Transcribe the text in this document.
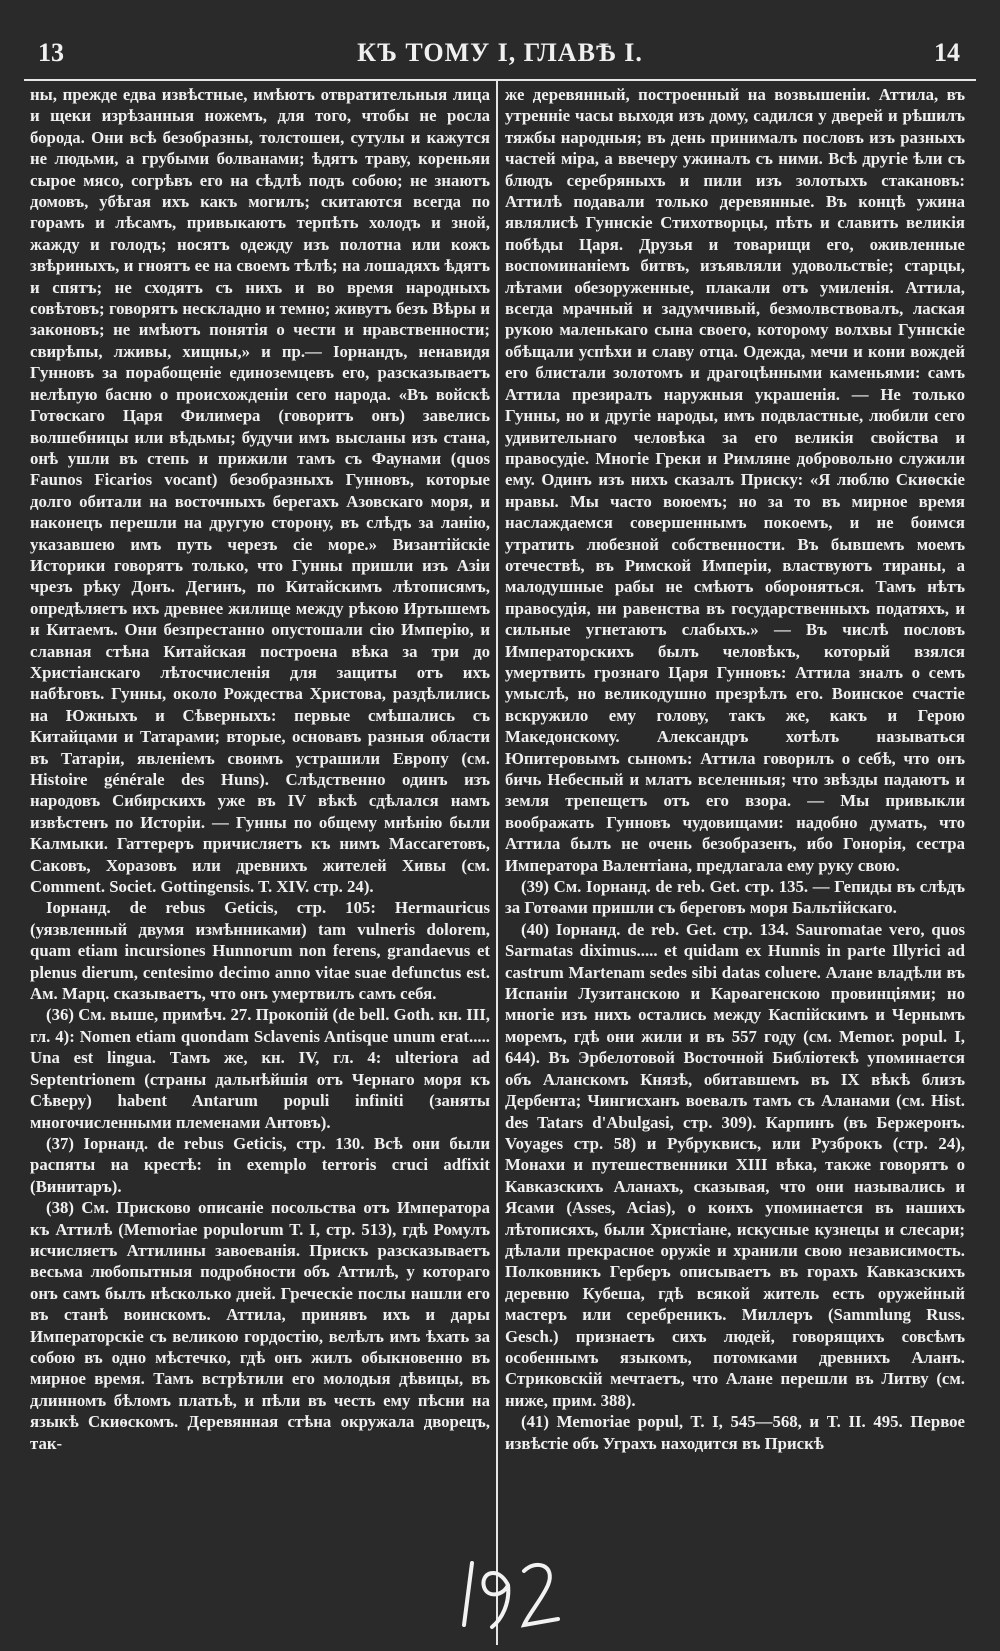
13	КЪ ТОМУ I, ГЛАВѢ I.	14

ны, прежде едва извѣстные, имѣютъ отвратительныя лица и щеки изрѣзанныя ножемъ, для того, чтобы не росла борода. Они всѣ безобразны, толстошеи, сутулы и кажутся не людьми, а грубыми болванами; ѣдятъ траву, кореньяи сырое мясо, согрѣвъ его на сѣдлѣ подъ собою; не знаютъ домовъ, убѣгая ихъ какъ могилъ; скитаются всегда по горамъ и лѣсамъ, привыкаютъ терпѣть холодъ и зной, жажду и голодъ; носятъ одежду изъ полотна или кожъ звѣриныхъ, и гноятъ ее на своемъ тѣлѣ; на лошадяхъ ѣдятъ и спятъ; не сходятъ съ нихъ и во время народныхъ совѣтовъ; говорятъ нескладно и темно; живутъ безъ Вѣры и законовъ; не имѣютъ понятія о чести и нравственности; свирѣпы, лживы, хищны,» и пр.— Іорнандъ, ненавидя Гунновъ за порабощеніе единоземцевъ его, разсказываетъ нелѣпую басню о происхожденіи сего народа. «Въ войскѣ Готѳскаго Царя Филимера (говоритъ онъ) завелись волшебницы или вѣдьмы; будучи имъ высланы изъ стана, онѣ ушли въ степь и прижили тамъ съ Фаунами (quos Faunos Ficarios vocant) безобразныхъ Гунновъ, которые долго обитали на восточныхъ берегахъ Азовскаго моря, и наконецъ перешли на другую сторону, въ слѣдъ за ланію, указавшею имъ путь черезъ сіе море.» Византійскіе Историки говорятъ только, что Гунны пришли изъ Азіи чрезъ рѣку Донъ. Дегинъ, по Китайскимъ лѣтописямъ, опредѣляетъ ихъ древнее жилище между рѣкою Иртышемъ и Китаемъ. Они безпрестанно опустошали сію Имперію, и славная стѣна Китайская построена вѣка за три до Христіанскаго лѣтосчисленія для защиты отъ ихъ набѣговъ. Гунны, около Рождества Христова, раздѣлились на Южныхъ и Сѣверныхъ: первые смѣшались съ Китайцами и Татарами; вторые, основавъ разныя области въ Татаріи, явленіемъ своимъ устрашили Европу (см. Histoire générale des Huns). Слѣдственно одинъ изъ народовъ Сибирскихъ уже въ IV вѣкѣ сдѣлался намъ извѣстенъ по Исторіи. — Гунны по общему мнѣнію были Калмыки. Гаттереръ причисляетъ къ нимъ Массагетовъ, Саковъ, Хоразовъ или древнихъ жителей Хивы (см. Comment. Societ. Gottingensis. T. XIV. стр. 24).

Іорнанд. de rebus Geticis, стр. 105: Hermauricus (уязвленный двумя измѣнниками) tam vulneris dolorem, quam etiam incursiones Hunnorum non ferens, grandaevus et plenus dierum, centesimo decimo anno vitae suae defunctus est. Ам. Марц. сказываетъ, что онъ умертвилъ самъ себя.

(36) См. выше, примѣч. 27. Прокопій (de bell. Goth. кн. III, гл. 4): Nomen etiam quondam Sclavenis Antisque unum erat..... Una est lingua. Тамъ же, кн. IV, гл. 4: ulteriora ad Septentrionem (страны дальнѣйшія отъ Чернаго моря къ Сѣверу) habent Antarum populi infiniti (заняты многочисленными племенами Антовъ).

(37) Іорнанд. de rebus Geticis, стр. 130. Всѣ они были распяты на крестѣ: in exemplo terroris cruci adfixit (Винитаръ).

(38) См. Присково описаніе посольства отъ Императора къ Аттилѣ (Memoriae populorum T. I, стр. 513), гдѣ Ромулъ исчисляетъ Аттилины завоеванія. Прискъ разсказываетъ весьма любопытныя подробности объ Аттилѣ, у котораго онъ самъ былъ нѣсколько дней. Греческіе послы нашли его въ станѣ воинскомъ. Аттила, принявъ ихъ и дары Императорскіе съ великою гордостію, велѣлъ имъ ѣхать за собою въ одно мѣстечко, гдѣ онъ жилъ обыкновенно въ мирное время. Тамъ встрѣтили его молодыя дѣвицы, въ длинномъ бѣломъ платьѣ, и пѣли въ честь ему пѣсни на языкѣ Скиѳскомъ. Деревянная стѣна окружала дворецъ, так-

же деревянный, построенный на возвышеніи. Аттила, въ утренніе часы выходя изъ дому, садился у дверей и рѣшилъ тяжбы народныя; въ день принималъ пословъ изъ разныхъ частей міра, а ввечеру ужиналъ съ ними. Всѣ другіе ѣли съ блюдъ серебряныхъ и пили изъ золотыхъ стакановъ: Аттилѣ подавали только деревянные. Въ концѣ ужина являлисѣ Гуннскіе Стихотворцы, пѣть и славить великія побѣды Царя. Друзья и товарищи его, оживленные воспоминаніемъ битвъ, изъявляли удовольствіе; старцы, лѣтами обезоруженные, плакали отъ умиленія. Аттила, всегда мрачный и задумчивый, безмолвствовалъ, лаская рукою маленькаго сына своего, которому волхвы Гуннскіе обѣщали успѣхи и славу отца. Одежда, мечи и кони вождей его блистали золотомъ и драгоцѣнными каменьями: самъ Аттила презиралъ наружныя украшенія. — Не только Гунны, но и другіе народы, имъ подвластные, любили сего удивительнаго человѣка за его великія свойства и правосудіе. Многіе Греки и Римляне добровольно служили ему. Одинъ изъ нихъ сказалъ Приску: «Я люблю Скиѳскіе нравы. Мы часто воюемъ; но за то въ мирное время наслаждаемся совершеннымъ покоемъ, и не боимся утратить любезной собственности. Въ бывшемъ моемъ отечествѣ, въ Римской Имперіи, властвуютъ тираны, а малодушные рабы не смѣютъ обороняться. Тамъ нѣтъ правосудія, ни равенства въ государственныхъ податяхъ, и сильные угнетаютъ слабыхъ.» — Въ числѣ пословъ Императорскихъ былъ человѣкъ, который взялся умертвить грознаго Царя Гунновъ: Аттила зналъ о семъ умыслѣ, но великодушно презрѣлъ его. Воинское счастіе вскружило ему голову, такъ же, какъ и Герою Македонскому. Александръ хотѣлъ называться Юпитеровымъ сыномъ: Аттила говорилъ о себѣ, что онъ бичь Небесный и млатъ вселенныя; что звѣзды падаютъ и земля трепещетъ отъ его взора. — Мы привыкли воображать Гунновъ чудовищами: надобно думать, что Аттила былъ не очень безобразенъ, ибо Гонорія, сестра Императора Валентіана, предлагала ему руку свою.

(39) См. Іорнанд. de reb. Get. стр. 135. — Гепиды въ слѣдъ за Готѳами пришли съ береговъ моря Бальтійскаго.

(40) Іорнанд. de reb. Get. стр. 134. Sauromatae vero, quos Sarmatas diximus..... et quidam ex Hunnis in parte Illyrici ad castrum Martenam sedes sibi datas coluere. Алане владѣли въ Испаніи Лузитанскою и Карѳагенскою провинціями; но многіе изъ нихъ остались между Каспійскимъ и Чернымъ моремъ, гдѣ они жили и въ 557 году (см. Memor. popul. I, 644). Въ Эрбелотовой Восточной Библіотекѣ упоминается объ Аланскомъ Князѣ, обитавшемъ въ IX вѣкѣ близъ Дербента; Чингисханъ воевалъ тамъ съ Аланами (см. Hist. des Tatars d'Abulgasi, стр. 309). Карпинъ (въ Бержеронъ. Voyages стр. 58) и Рубруквисъ, или Рузброкъ (стр. 24), Монахи и путешественники XIII вѣка, также говорятъ о Кавказскихъ Аланахъ, сказывая, что они назывались и Ясами (Asses, Acias), о коихъ упоминается въ нашихъ лѣтописяхъ, были Христіане, искусные кузнецы и слесари; дѣлали прекрасное оружіе и хранили свою независимость. Полковникъ Герберъ описываетъ въ горахъ Кавказскихъ деревню Кубеша, гдѣ всякой житель есть оружейный мастеръ или серебреникъ. Миллеръ (Sammlung Russ. Gesch.) признаетъ сихъ людей, говорящихъ совсѣмъ особеннымъ языкомъ, потомками древнихъ Аланъ. Стриковскій мечтаетъ, что Алане перешли въ Литву (см. ниже, прим. 388).

(41) Memoriae popul, T. I, 545—568, и T. II. 495. Первое извѣстіе объ Уграхъ находится въ Прискѣ
